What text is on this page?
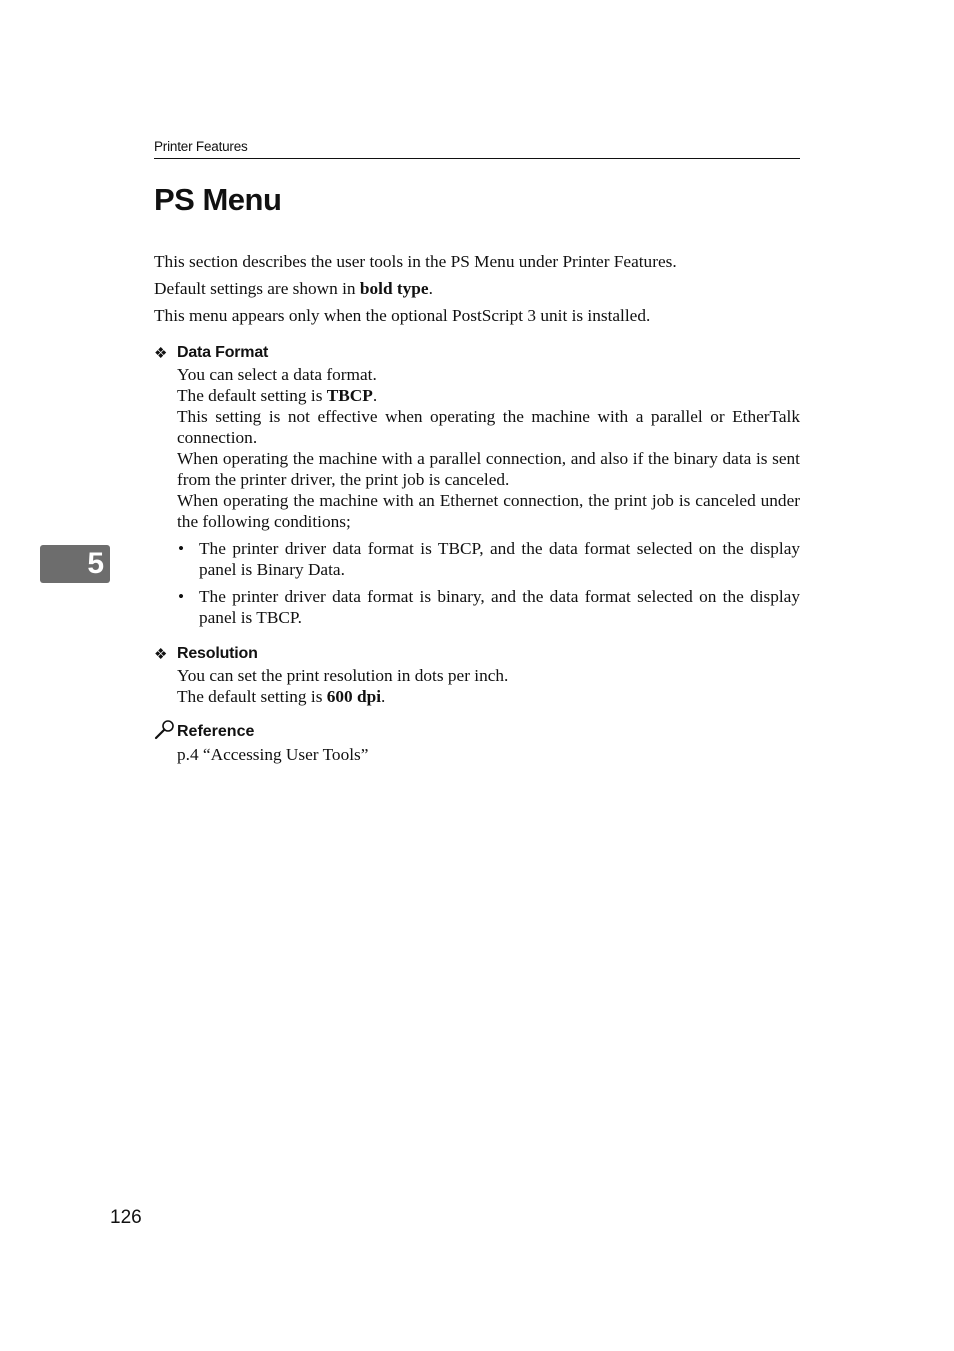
Printer Features
PS Menu

This section describes the user tools in the PS Menu under Printer Features.

Default settings are shown in bold type.

This menu appears only when the optional PostScript 3 unit is installed.

❖ Data Format

You can select a data format.

The default setting is TBCP.

This setting is not effective when operating the machine with a parallel or EtherTalk connection.

When operating the machine with a parallel connection, and also if the binary data is sent from the printer driver, the print job is canceled.

When operating the machine with an Ethernet connection, the print job is canceled under the following conditions;

• The printer driver data format is TBCP, and the data format selected on the display panel is Binary Data.
• The printer driver data format is binary, and the data format selected on the display panel is TBCP.
❖ Resolution

You can set the print resolution in dots per inch.

The default setting is 600 dpi.

Reference

p.4 “Accessing User Tools”

5
126
